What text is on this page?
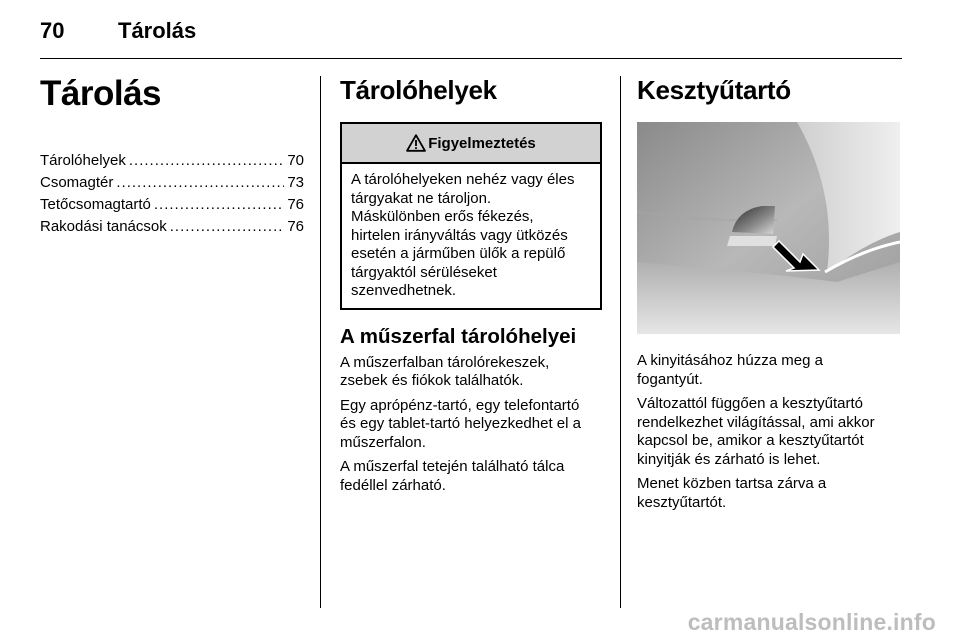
70 Tárolás
Tárolás
Tárolóhelyek .....	70
Csomagtér .....	73
Tetőcsomagtartó .....	76
Rakodási tanácsok .....	76
Tárolóhelyek
Figyelmeztetés
A tárolóhelyeken nehéz vagy éles
tárgyakat ne tároljon.
Máskülönben erős fékezés,
hirtelen irányváltás vagy ütközés
esetén a járműben ülők a repülő
tárgyaktól sérüléseket
szenvedhetnek.
A műszerfal tárolóhelyei

A műszerfalban tárolórekeszek,
zsebek és fiókok találhatók.

Egy aprópénz-tartó, egy telefontartó
és egy tablet-tartó helyezkedhet el a
műszerfalon.

A műszerfal tetején található tálca
fedéllel zárható.

Kesztyűtartó

A kinyitásához húzza meg a
fogantyút.

Változattól függően a kesztyűtartó
rendelkezhet világítással, ami akkor
kapcsol be, amikor a kesztyűtartót
kinyitják és zárható is lehet.

Menet közben tartsa zárva a
kesztyűtartót.

carmanualsonline.info
